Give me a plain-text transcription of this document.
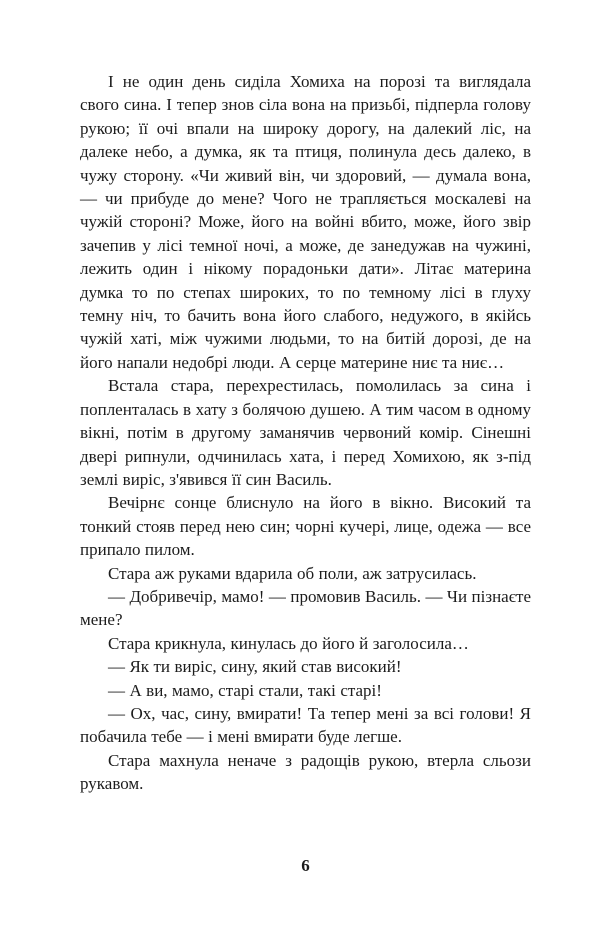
І не один день сиділа Хомиха на порозі та виглядала свого сина. І тепер знов сіла вона на призьбі, підперла голову рукою; її очі впали на широку дорогу, на далекий ліс, на далеке небо, а думка, як та птиця, полинула десь далеко, в чужу сторону. «Чи живий він, чи здоровий, — думала вона, — чи прибуде до мене? Чого не трапляється москалеві на чужій стороні? Може, його на войні вбито, може, його звір зачепив у лісі темної ночі, а може, де занедужав на чужині, лежить один і нікому порадоньки дати». Літає материна думка то по степах широких, то по темному лісі в глуху темну ніч, то бачить вона його слабого, недужого, в якійсь чужій хаті, між чужими людьми, то на битій дорозі, де на його напали недобрі люди. А серце материне ниє та ниє…

Встала стара, перехрестилась, помолилась за сина і попленталась в хату з болячою душею. А тим часом в одному вікні, потім в другому заманячив червоний комір. Сінешні двері рипнули, одчинилась хата, і перед Хомихою, як з-під землі виріс, з'явився її син Василь.

Вечірнє сонце блиснуло на його в вікно. Високий та тонкий стояв перед нею син; чорні кучері, лице, одежа — все припало пилом.

Стара аж руками вдарила об поли, аж затрусилась.

— Добривечір, мамо! — промовив Василь. — Чи пізнаєте мене?

Стара крикнула, кинулась до його й заголосила…

— Як ти виріс, сину, який став високий!

— А ви, мамо, старі стали, такі старі!

— Ох, час, сину, вмирати! Та тепер мені за всі голови! Я побачила тебе — і мені вмирати буде легше.

Стара махнула неначе з радощів рукою, втерла сльози рукавом.

6
